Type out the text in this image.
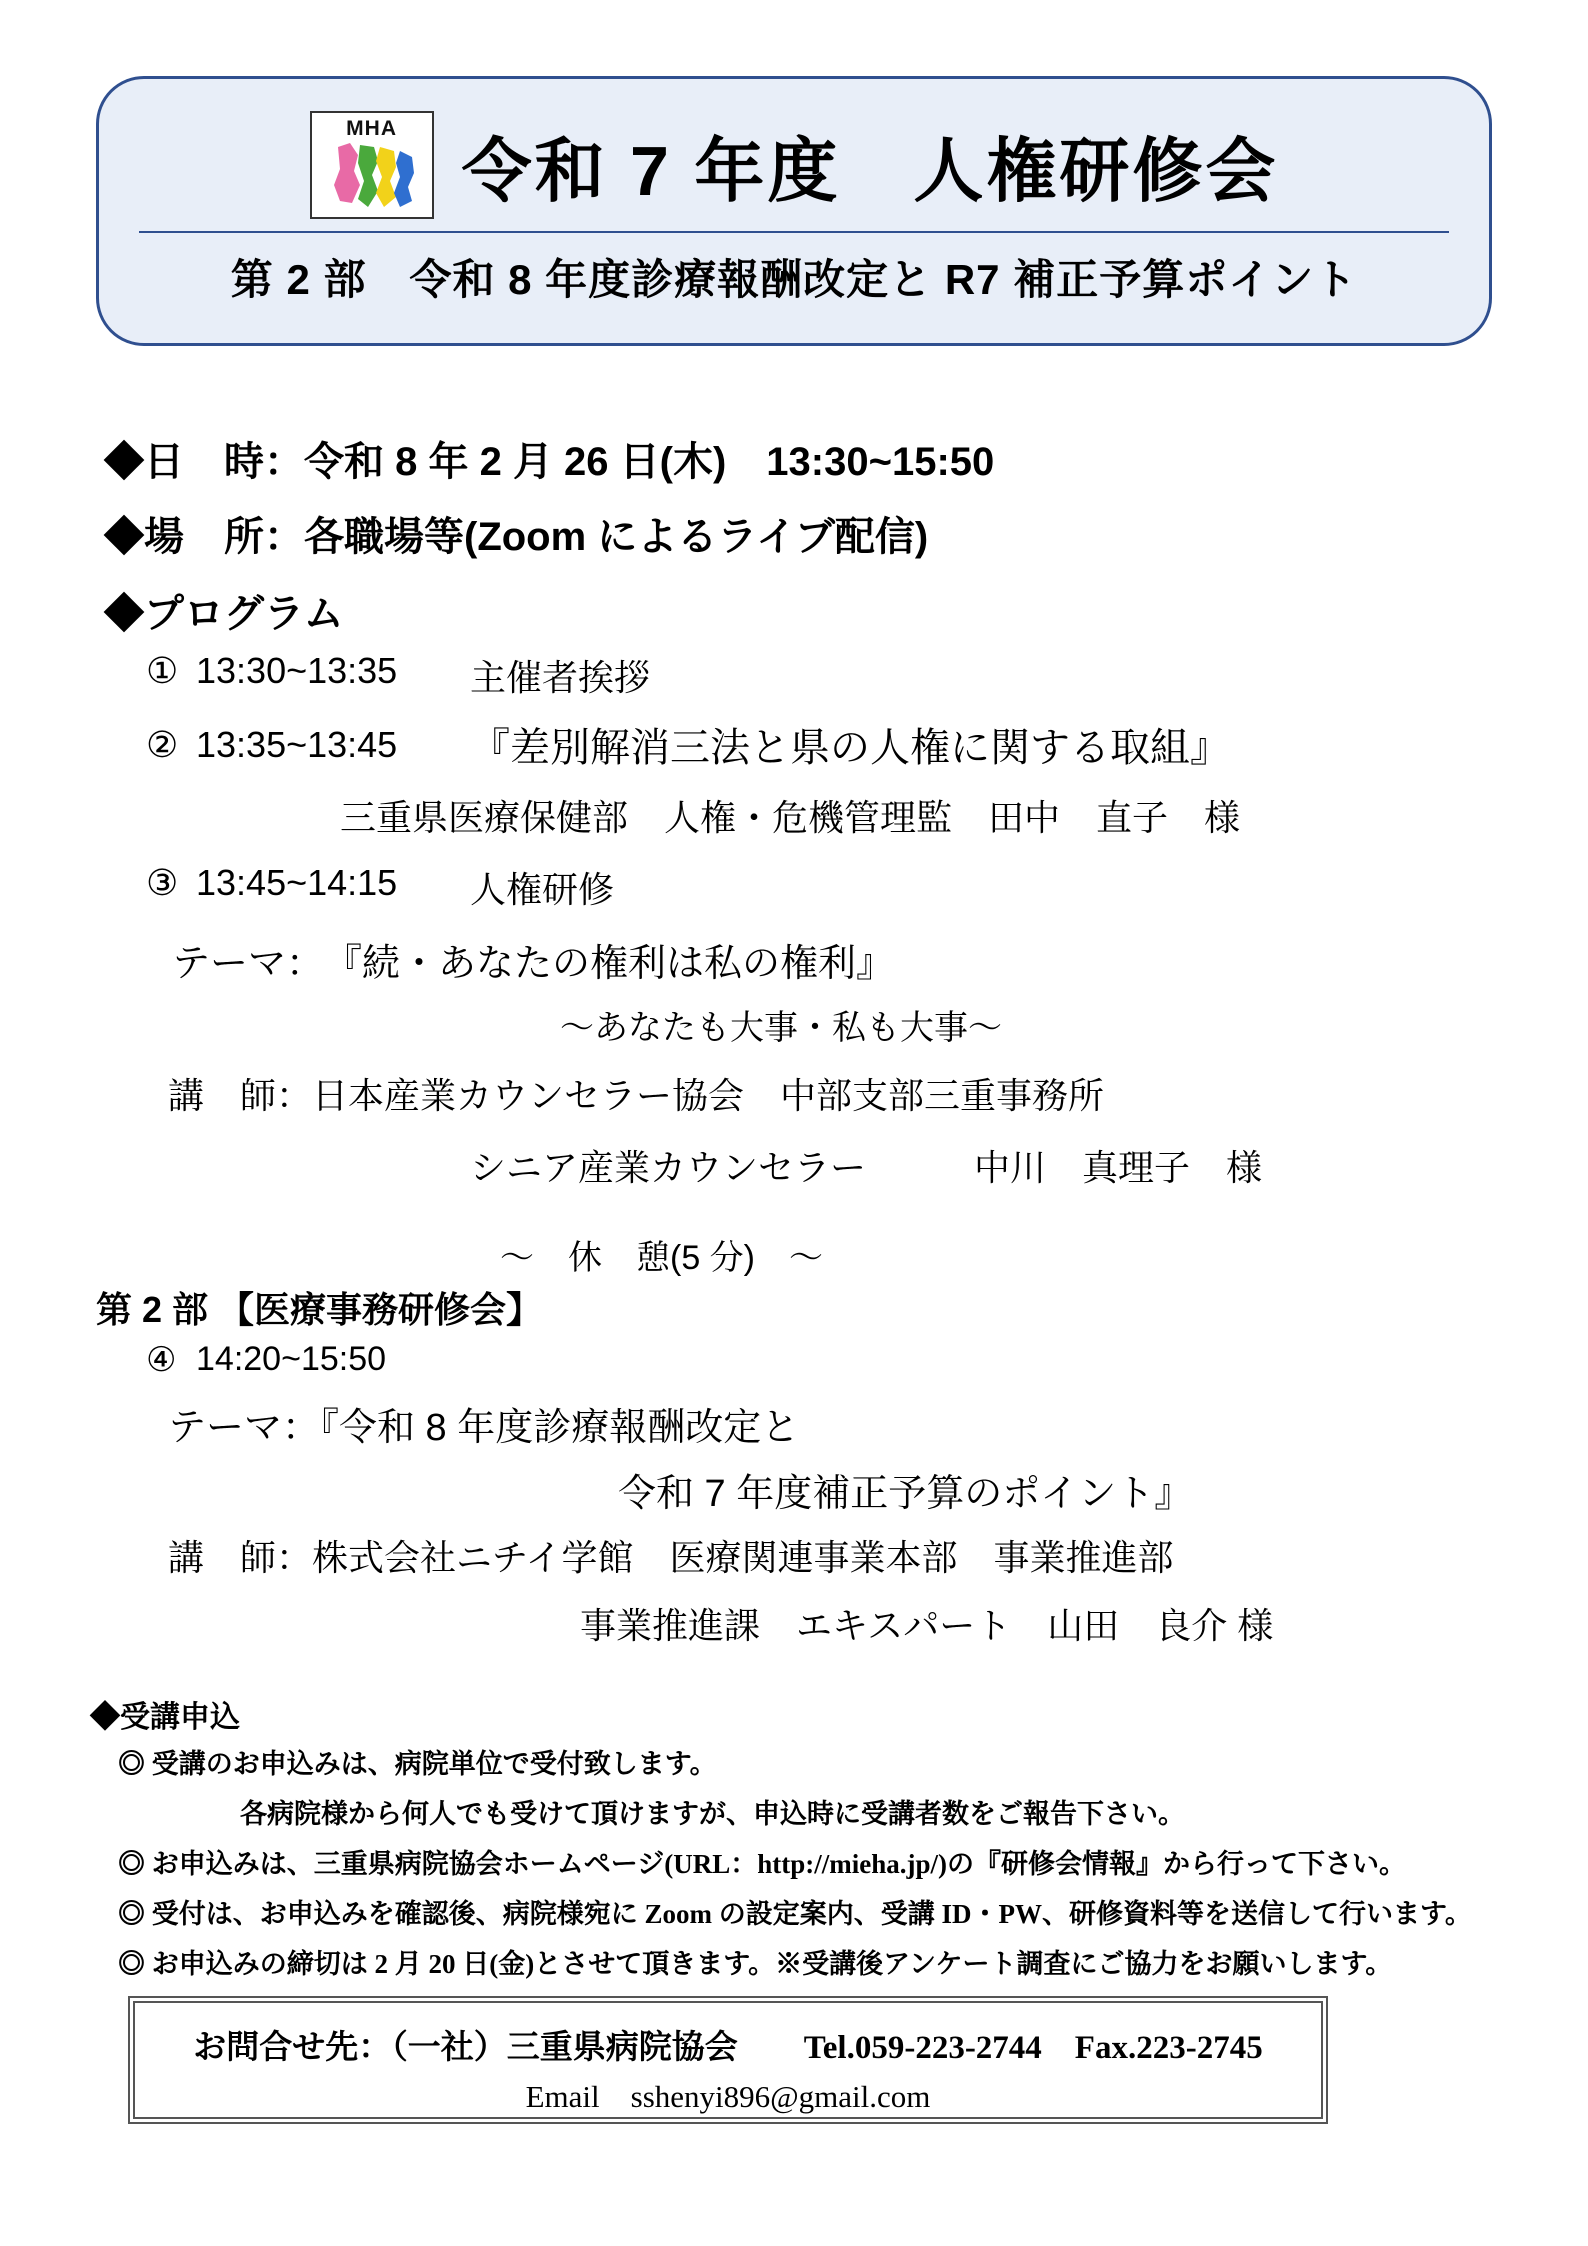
MHA
令和 7 年度　人権研修会
第 2 部　令和 8 年度診療報酬改定と R7 補正予算ポイント
◆日　時：令和 8 年 2 月 26 日(木)　13:30~15:50
◆場　所：各職場等(Zoom によるライブ配信)
◆プログラム
① 13:30~13:35 主催者挨拶
② 13:35~13:45 『差別解消三法と県の人権に関する取組』
三重県医療保健部　人権・危機管理監　田中　直子　様
③ 13:45~14:15 人権研修
テーマ：　『続・あなたの権利は私の権利』
～あなたも大事・私も大事～
講　師：日本産業カウンセラー協会　中部支部三重事務所
シニア産業カウンセラー　　　中川　真理子　様
～　休　憩(5 分)　～
第 2 部 【医療事務研修会】
④ 14:20~15:50
テーマ：『令和 8 年度診療報酬改定と
令和 7 年度補正予算のポイント』
講　師：株式会社ニチイ学館　医療関連事業本部　事業推進部
事業推進課　エキスパート　山田　良介 様
◆受講申込
◎ 受講のお申込みは、病院単位で受付致します。
各病院様から何人でも受けて頂けますが、申込時に受講者数をご報告下さい。
◎ お申込みは、三重県病院協会ホームページ(URL：http://mieha.jp/)の『研修会情報』から行って下さい。
◎ 受付は、お申込みを確認後、病院様宛に Zoom の設定案内、受講 ID・PW、研修資料等を送信して行います。
◎ お申込みの締切は 2 月 20 日(金)とさせて頂きます。※受講後アンケート調査にご協力をお願いします。
お問合せ先：（一社）三重県病院協会　　Tel.059-223-2744　Fax.223-2745
Email　sshenyi896@gmail.com
